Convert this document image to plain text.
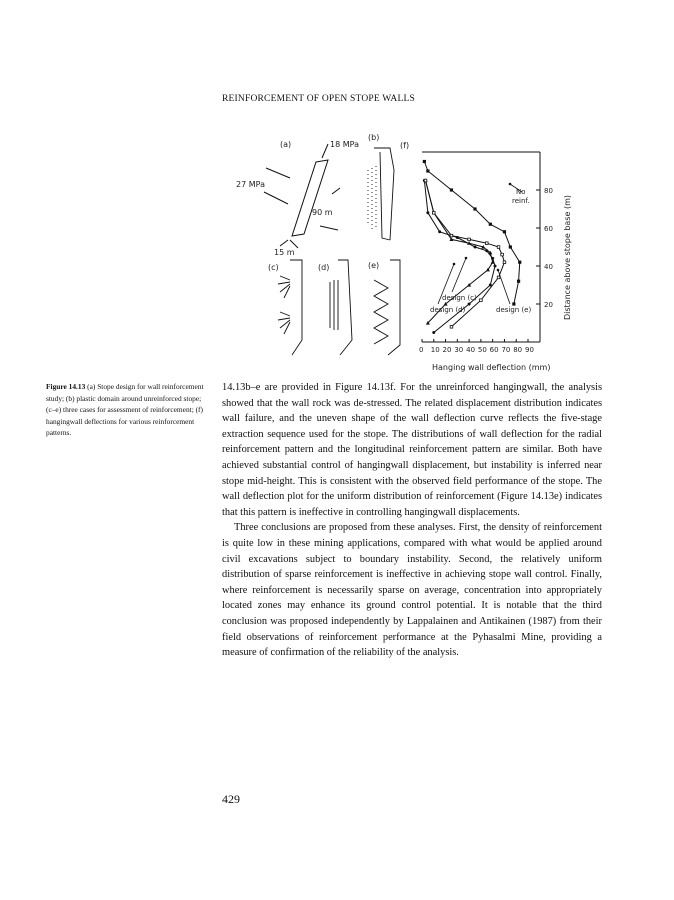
REINFORCEMENT OF OPEN STOPE WALLS
(a)	18 MPa
27 MPa
90 m
15 m
(b)
(c)	(d)	(e)
(f)
0 10 20 30 40 50 60 70 80 90
20
40
60
80
No
reinf.
design (c)
design (d)	design (e)
Hanging wall deflection (mm)
Distance above stope base (m)
Figure 14.13 (a) Stope design for wall reinforcement study; (b) plastic domain around unreinforced stope; (c–e) three cases for assessment of reinforcement; (f) hangingwall deflections for various reinforcement patterns.

14.13b–e are provided in Figure 14.13f. For the unreinforced hangingwall, the analysis showed that the wall rock was de-stressed. The related displacement distribution indicates wall failure, and the uneven shape of the wall deflection curve reflects the five-stage extraction sequence used for the stope. The distributions of wall deflection for the radial reinforcement pattern and the longitudinal reinforcement pattern are similar. Both have achieved substantial control of hangingwall displacement, but instability is inferred near stope mid-height. This is consistent with the observed field performance of the stope. The wall deflection plot for the uniform distribution of reinforcement (Figure 14.13e) indicates that this pattern is ineffective in controlling hangingwall displacements.

Three conclusions are proposed from these analyses. First, the density of reinforcement is quite low in these mining applications, compared with what would be applied around civil excavations subject to boundary instability. Second, the relatively uniform distribution of sparse reinforcement is ineffective in achieving stope wall control. Finally, where reinforcement is necessarily sparse on average, concentration into appropriately located zones may enhance its ground control potential. It is notable that the third conclusion was proposed independently by Lappalainen and Antikainen (1987) from their field observations of reinforcement performance at the Pyhasalmi Mine, providing a measure of confirmation of the reliability of the analysis.

429
